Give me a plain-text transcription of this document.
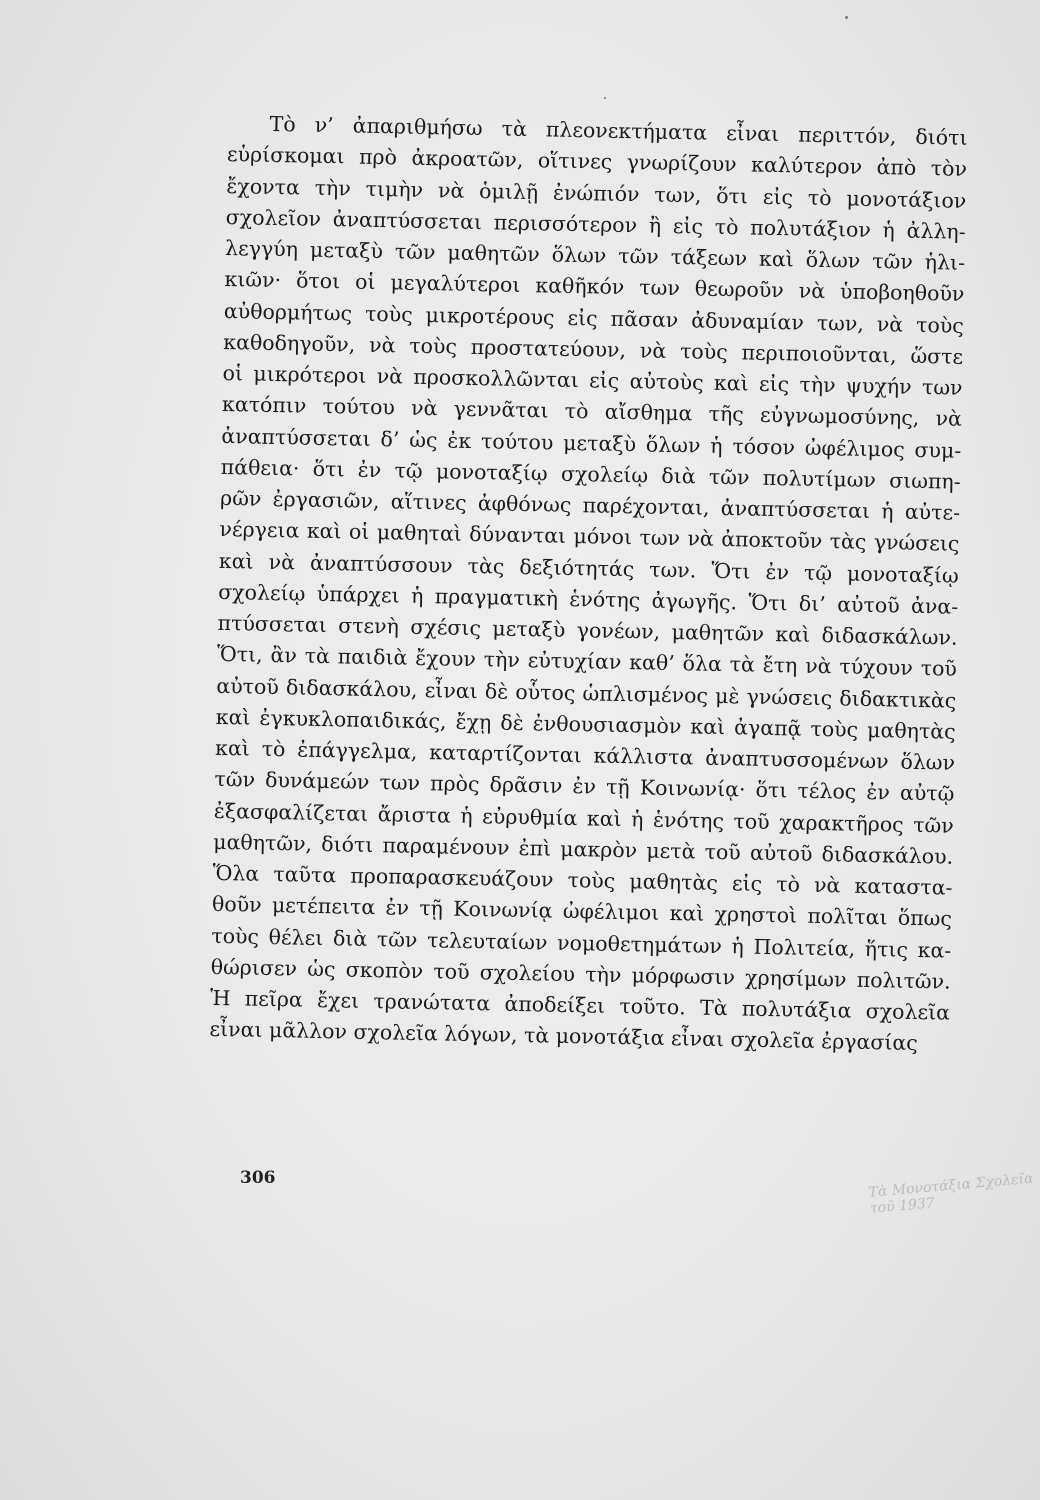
Τὸ ν’ ἀπαριθμήσω τὰ πλεονεκτήματα εἶναι περιττόν, διότι
εὑρίσκομαι πρὸ ἀκροατῶν, οἵτινες γνωρίζουν καλύτερον ἀπὸ τὸν
ἔχοντα τὴν τιμὴν νὰ ὁμιλῇ ἐνώπιόν των, ὅτι εἰς τὸ μονοτάξιον
σχολεῖον ἀναπτύσσεται περισσότερον ἢ εἰς τὸ πολυτάξιον ἡ ἀλλη-
λεγγύη μεταξὺ τῶν μαθητῶν ὅλων τῶν τάξεων καὶ ὅλων τῶν ἡλι-
κιῶν· ὅτοι οἱ μεγαλύτεροι καθῆκόν των θεωροῦν νὰ ὑποβοηθοῦν
αὐθορμήτως τοὺς μικροτέρους εἰς πᾶσαν ἀδυναμίαν των, νὰ τοὺς
καθοδηγοῦν, νὰ τοὺς προστατεύουν, νὰ τοὺς περιποιοῦνται, ὥστε
οἱ μικρότεροι νὰ προσκολλῶνται εἰς αὐτοὺς καὶ εἰς τὴν ψυχήν των
κατόπιν τούτου νὰ γεννᾶται τὸ αἴσθημα τῆς εὐγνωμοσύνης, νὰ
ἀναπτύσσεται δ’ ὡς ἐκ τούτου μεταξὺ ὅλων ἡ τόσον ὠφέλιμος συμ-
πάθεια· ὅτι ἐν τῷ μονοταξίῳ σχολείῳ διὰ τῶν πολυτίμων σιωπη-
ρῶν ἐργασιῶν, αἵτινες ἀφθόνως παρέχονται, ἀναπτύσσεται ἡ αὐτε-
νέργεια καὶ οἱ μαθηταὶ δύνανται μόνοι των νὰ ἀποκτοῦν τὰς γνώσεις
καὶ νὰ ἀναπτύσσουν τὰς δεξιότητάς των. Ὅτι ἐν τῷ μονοταξίῳ
σχολείῳ ὑπάρχει ἡ πραγματικὴ ἑνότης ἀγωγῆς. Ὅτι δι’ αὐτοῦ ἀνα-
πτύσσεται στενὴ σχέσις μεταξὺ γονέων, μαθητῶν καὶ διδασκάλων.
Ὅτι, ἂν τὰ παιδιὰ ἔχουν τὴν εὐτυχίαν καθ’ ὅλα τὰ ἔτη νὰ τύχουν τοῦ
αὐτοῦ διδασκάλου, εἶναι δὲ οὗτος ὡπλισμένος μὲ γνώσεις διδακτικὰς
καὶ ἐγκυκλοπαιδικάς, ἔχῃ δὲ ἐνθουσιασμὸν καὶ ἀγαπᾷ τοὺς μαθητὰς
καὶ τὸ ἐπάγγελμα, καταρτίζονται κάλλιστα ἀναπτυσσομένων ὅλων
τῶν δυνάμεών των πρὸς δρᾶσιν ἐν τῇ Κοινωνίᾳ· ὅτι τέλος ἐν αὐτῷ
ἐξασφαλίζεται ἄριστα ἡ εὐρυθμία καὶ ἡ ἑνότης τοῦ χαρακτῆρος τῶν
μαθητῶν, διότι παραμένουν ἐπὶ μακρὸν μετὰ τοῦ αὐτοῦ διδασκάλου.
Ὅλα ταῦτα προπαρασκευάζουν τοὺς μαθητὰς εἰς τὸ νὰ καταστα-
θοῦν μετέπειτα ἐν τῇ Κοινωνίᾳ ὠφέλιμοι καὶ χρηστοὶ πολῖται ὅπως
τοὺς θέλει διὰ τῶν τελευταίων νομοθετημάτων ἡ Πολιτεία, ἥτις κα-
θώρισεν ὡς σκοπὸν τοῦ σχολείου τὴν μόρφωσιν χρησίμων πολιτῶν.
Ἡ πεῖρα ἔχει τρανώτατα ἀποδείξει τοῦτο. Τὰ πολυτάξια σχολεῖα
εἶναι μᾶλλον σχολεῖα λόγων, τὰ μονοτάξια εἶναι σχολεῖα ἐργασίας
306	Τὰ Μονοτάξια Σχολεῖα τοῦ 1937
